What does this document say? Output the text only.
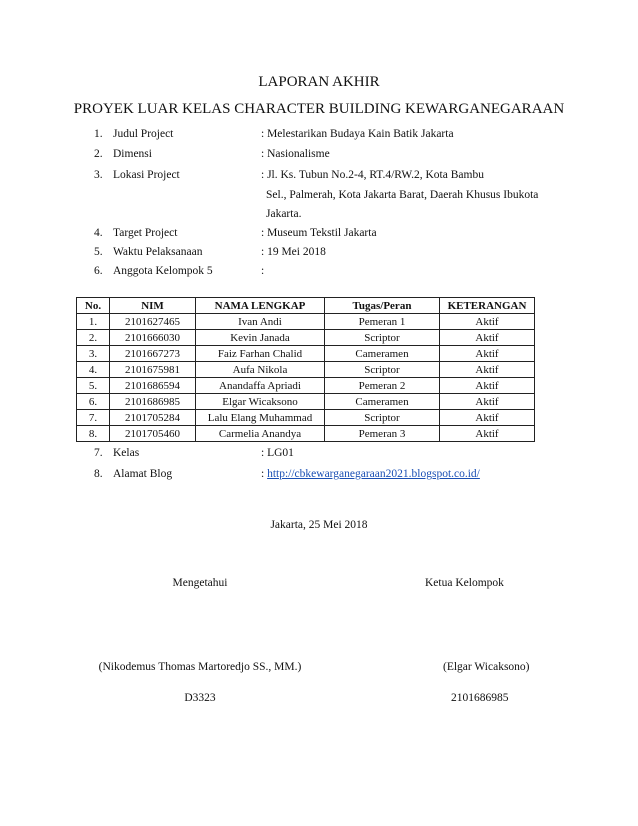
LAPORAN AKHIR
PROYEK LUAR KELAS CHARACTER BUILDING KEWARGANEGARAAN
1. Judul Project	: Melestarikan Budaya Kain Batik Jakarta
2. Dimensi	: Nasionalisme
3. Lokasi Project	: Jl. Ks. Tubun No.2-4, RT.4/RW.2, Kota Bambu
Sel., Palmerah, Kota Jakarta Barat, Daerah Khusus Ibukota
Jakarta.
4. Target Project	: Museum Tekstil Jakarta
5. Waktu Pelaksanaan	: 19 Mei 2018
6. Anggota Kelompok 5	:
No.	NIM	NAMA LENGKAP	Tugas/Peran	KETERANGAN
1.	2101627465	Ivan Andi	Pemeran 1	Aktif
2.	2101666030	Kevin Janada	Scriptor	Aktif
3.	2101667273	Faiz Farhan Chalid	Cameramen	Aktif
4.	2101675981	Aufa Nikola	Scriptor	Aktif
5.	2101686594	Anandaffa Apriadi	Pemeran 2	Aktif
6.	2101686985	Elgar Wicaksono	Cameramen	Aktif
7.	2101705284	Lalu Elang Muhammad	Scriptor	Aktif
8.	2101705460	Carmelia Anandya	Pemeran 3	Aktif
7. Kelas	: LG01
8. Alamat Blog	: http://cbkewarganegaraan2021.blogspot.co.id/
Jakarta, 25 Mei 2018
Mengetahui	Ketua Kelompok
(Nikodemus Thomas Martoredjo SS., MM.)	(Elgar Wicaksono)
D3323	2101686985
